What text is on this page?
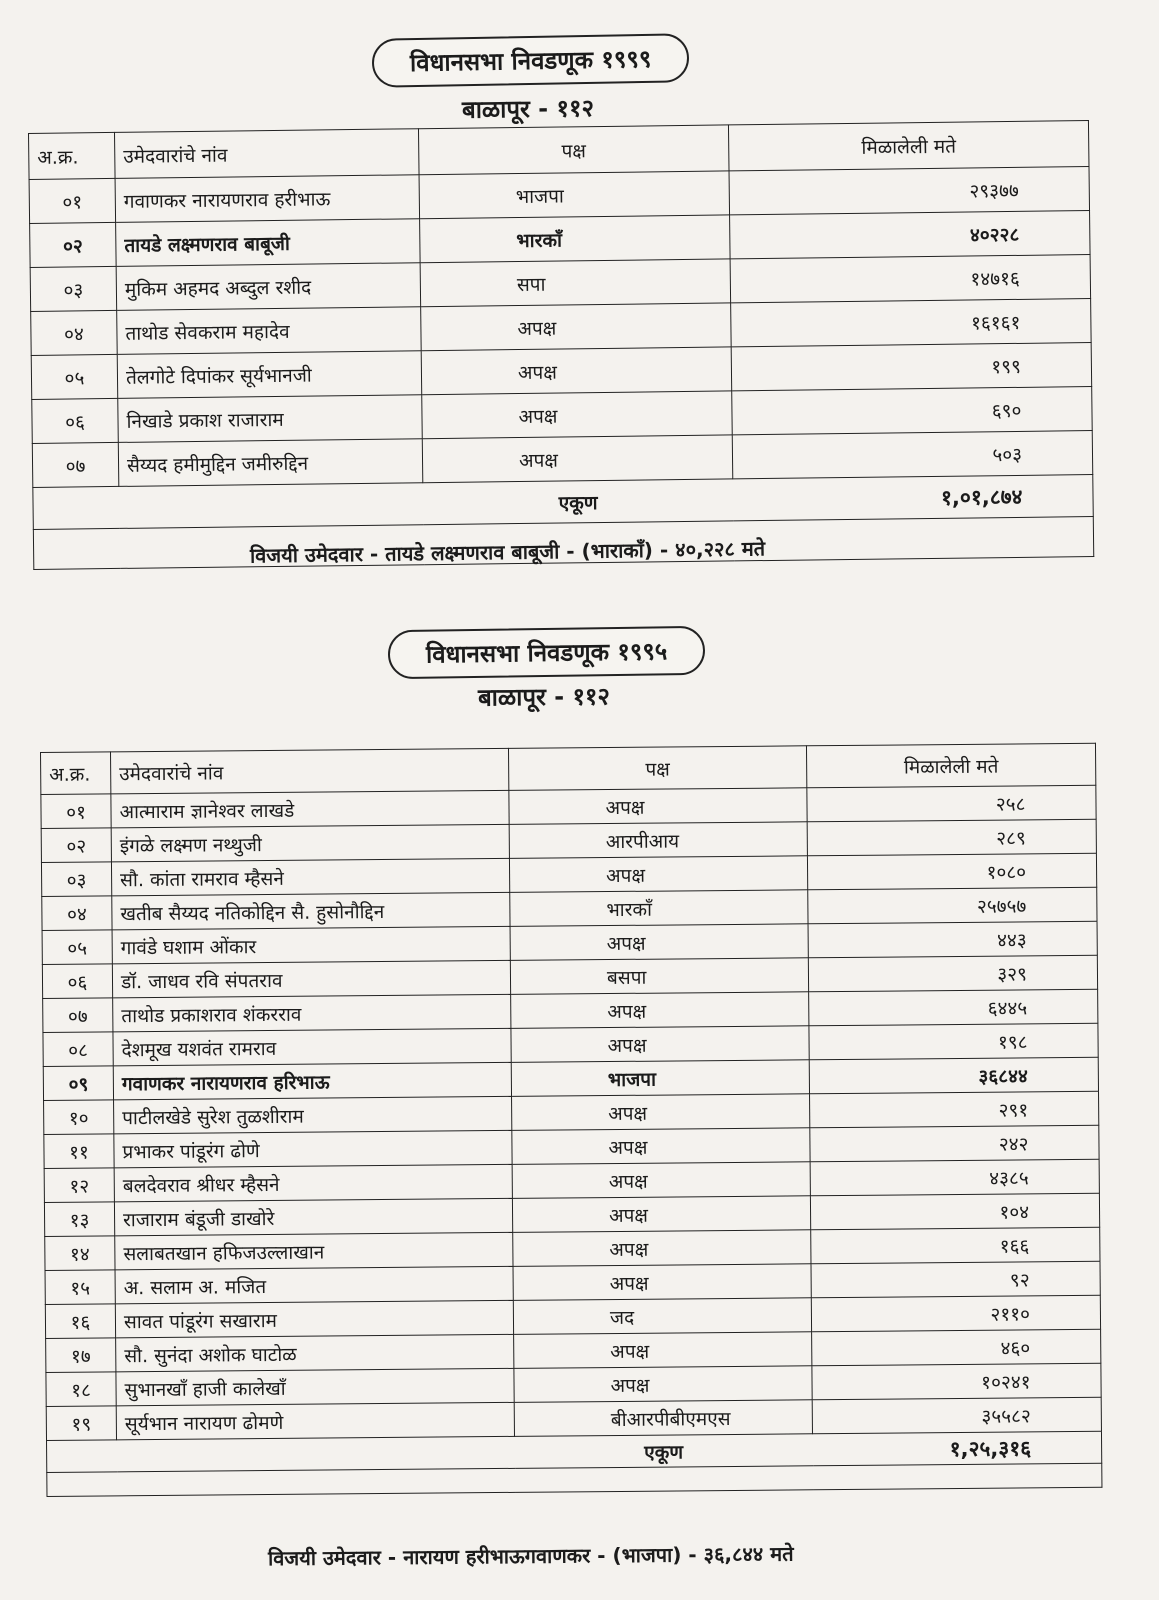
विधानसभा निवडणूक १९९९
बाळापूर - ११२
अ.क्र.	उमेदवारांचे नांव	पक्ष	मिळालेली मते
०१	गवाणकर नारायणराव हरीभाऊ	भाजपा	२९३७७
०२	तायडे लक्ष्मणराव बाबूजी	भारकाँ	४०२२८
०३	मुकिम अहमद अब्दुल रशीद	सपा	१४७१६
०४	ताथोड सेवकराम महादेव	अपक्ष	१६१६१
०५	तेलगोटे दिपांकर सूर्यभानजी	अपक्ष	१९९
०६	निखाडे प्रकाश राजाराम	अपक्ष	६९०
०७	सैय्यद हमीमुद्दिन जमीरुद्दिन	अपक्ष	५०३
		एकूण	१,०१,८७४

विजयी उमेदवार - तायडे लक्ष्मणराव बाबूजी - (भाराकाँ) - ४०,२२८ मते
विधानसभा निवडणूक १९९५
बाळापूर - ११२
अ.क्र.	उमेदवारांचे नांव	पक्ष	मिळालेली मते
०१	आत्माराम ज्ञानेश्वर लाखडे	अपक्ष	२५८
०२	इंगळे लक्ष्मण नथ्थुजी	आरपीआय	२८९
०३	सौ. कांता रामराव म्हैसने	अपक्ष	१०८०
०४	खतीब सैय्यद नतिकोद्दिन सै. हुसोनौद्दिन	भारकाँ	२५७५७
०५	गावंडे घशाम ओंकार	अपक्ष	४४३
०६	डॉ. जाधव रवि संपतराव	बसपा	३२९
०७	ताथोड प्रकाशराव शंकरराव	अपक्ष	६४४५
०८	देशमूख यशवंत रामराव	अपक्ष	१९८
०९	गवाणकर नारायणराव हरिभाऊ	भाजपा	३६८४४
१०	पाटीलखेडे सुरेश तुळशीराम	अपक्ष	२९१
११	प्रभाकर पांडूरंग ढोणे	अपक्ष	२४२
१२	बलदेवराव श्रीधर म्हैसने	अपक्ष	४३८५
१३	राजाराम बंडूजी डाखोरे	अपक्ष	१०४
१४	सलाबतखान हफिजउल्लाखान	अपक्ष	१६६
१५	अ. सलाम अ. मजित	अपक्ष	९२
१६	सावत पांडूरंग सखाराम	जद	२११०
१७	सौ. सुनंदा अशोक घाटोळ	अपक्ष	४६०
१८	सुभानखाँ हाजी कालेखाँ	अपक्ष	१०२४१
१९	सूर्यभान नारायण ढोमणे	बीआरपीबीएमएस	३५५८२
		एकूण	१,२५,३१६

विजयी उमेदवार - नारायण हरीभाऊगवाणकर - (भाजपा) - ३६,८४४ मते
